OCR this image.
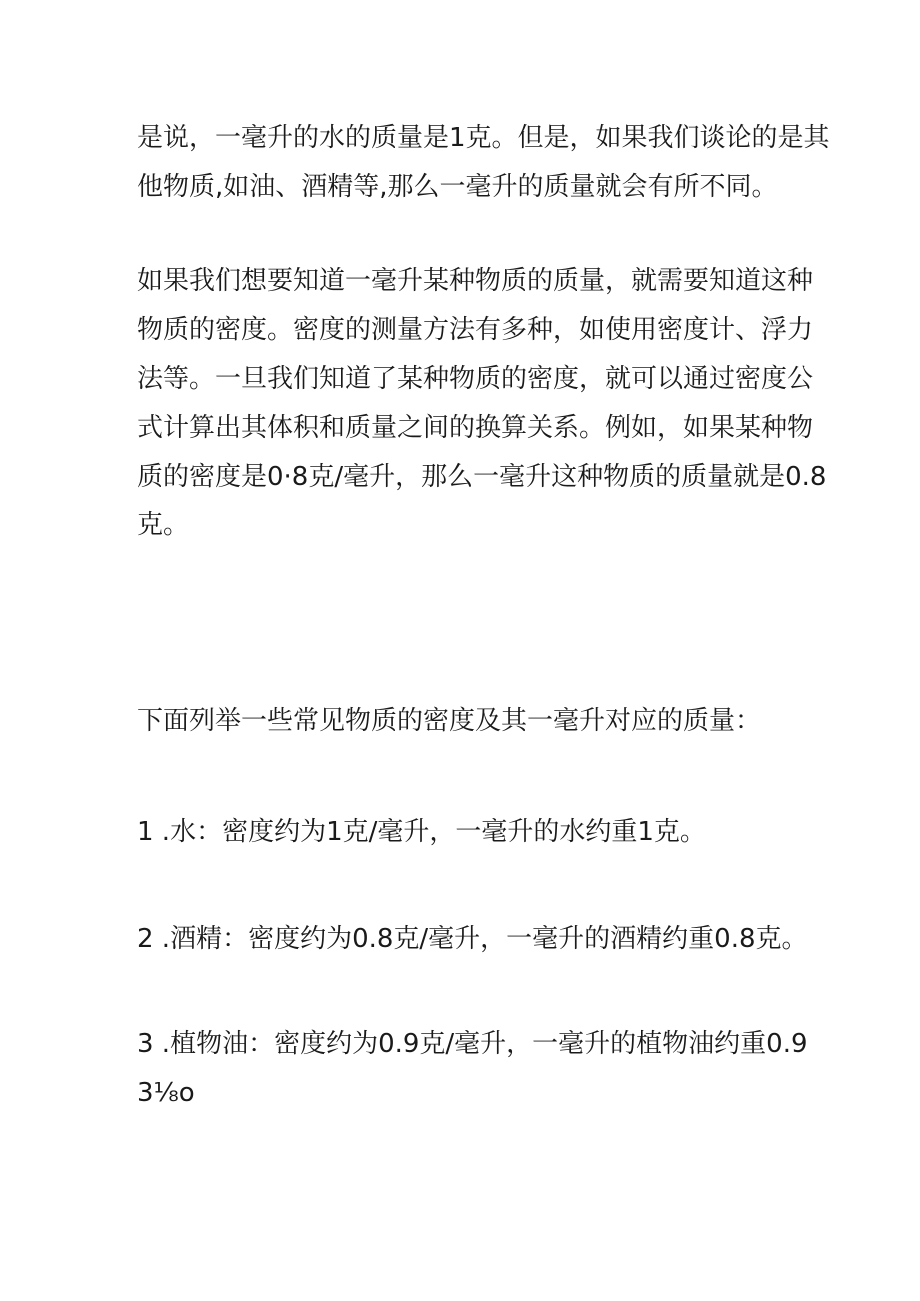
是说，一毫升的水的质量是1克。但是，如果我们谈论的是其
他物质,如油、酒精等,那么一毫升的质量就会有所不同。
如果我们想要知道一毫升某种物质的质量，就需要知道这种
物质的密度。密度的测量方法有多种，如使用密度计、浮力
法等。一旦我们知道了某种物质的密度，就可以通过密度公
式计算出其体积和质量之间的换算关系。例如，如果某种物
质的密度是0·8克/毫升，那么一毫升这种物质的质量就是0.8
克。
下面列举一些常见物质的密度及其一毫升对应的质量：
1 .水：密度约为1克/毫升，一毫升的水约重1克。
2 .酒精：密度约为0.8克/毫升，一毫升的酒精约重0.8克。
3 .植物油：密度约为0.9克/毫升，一毫升的植物油约重0.9
3⅛o
